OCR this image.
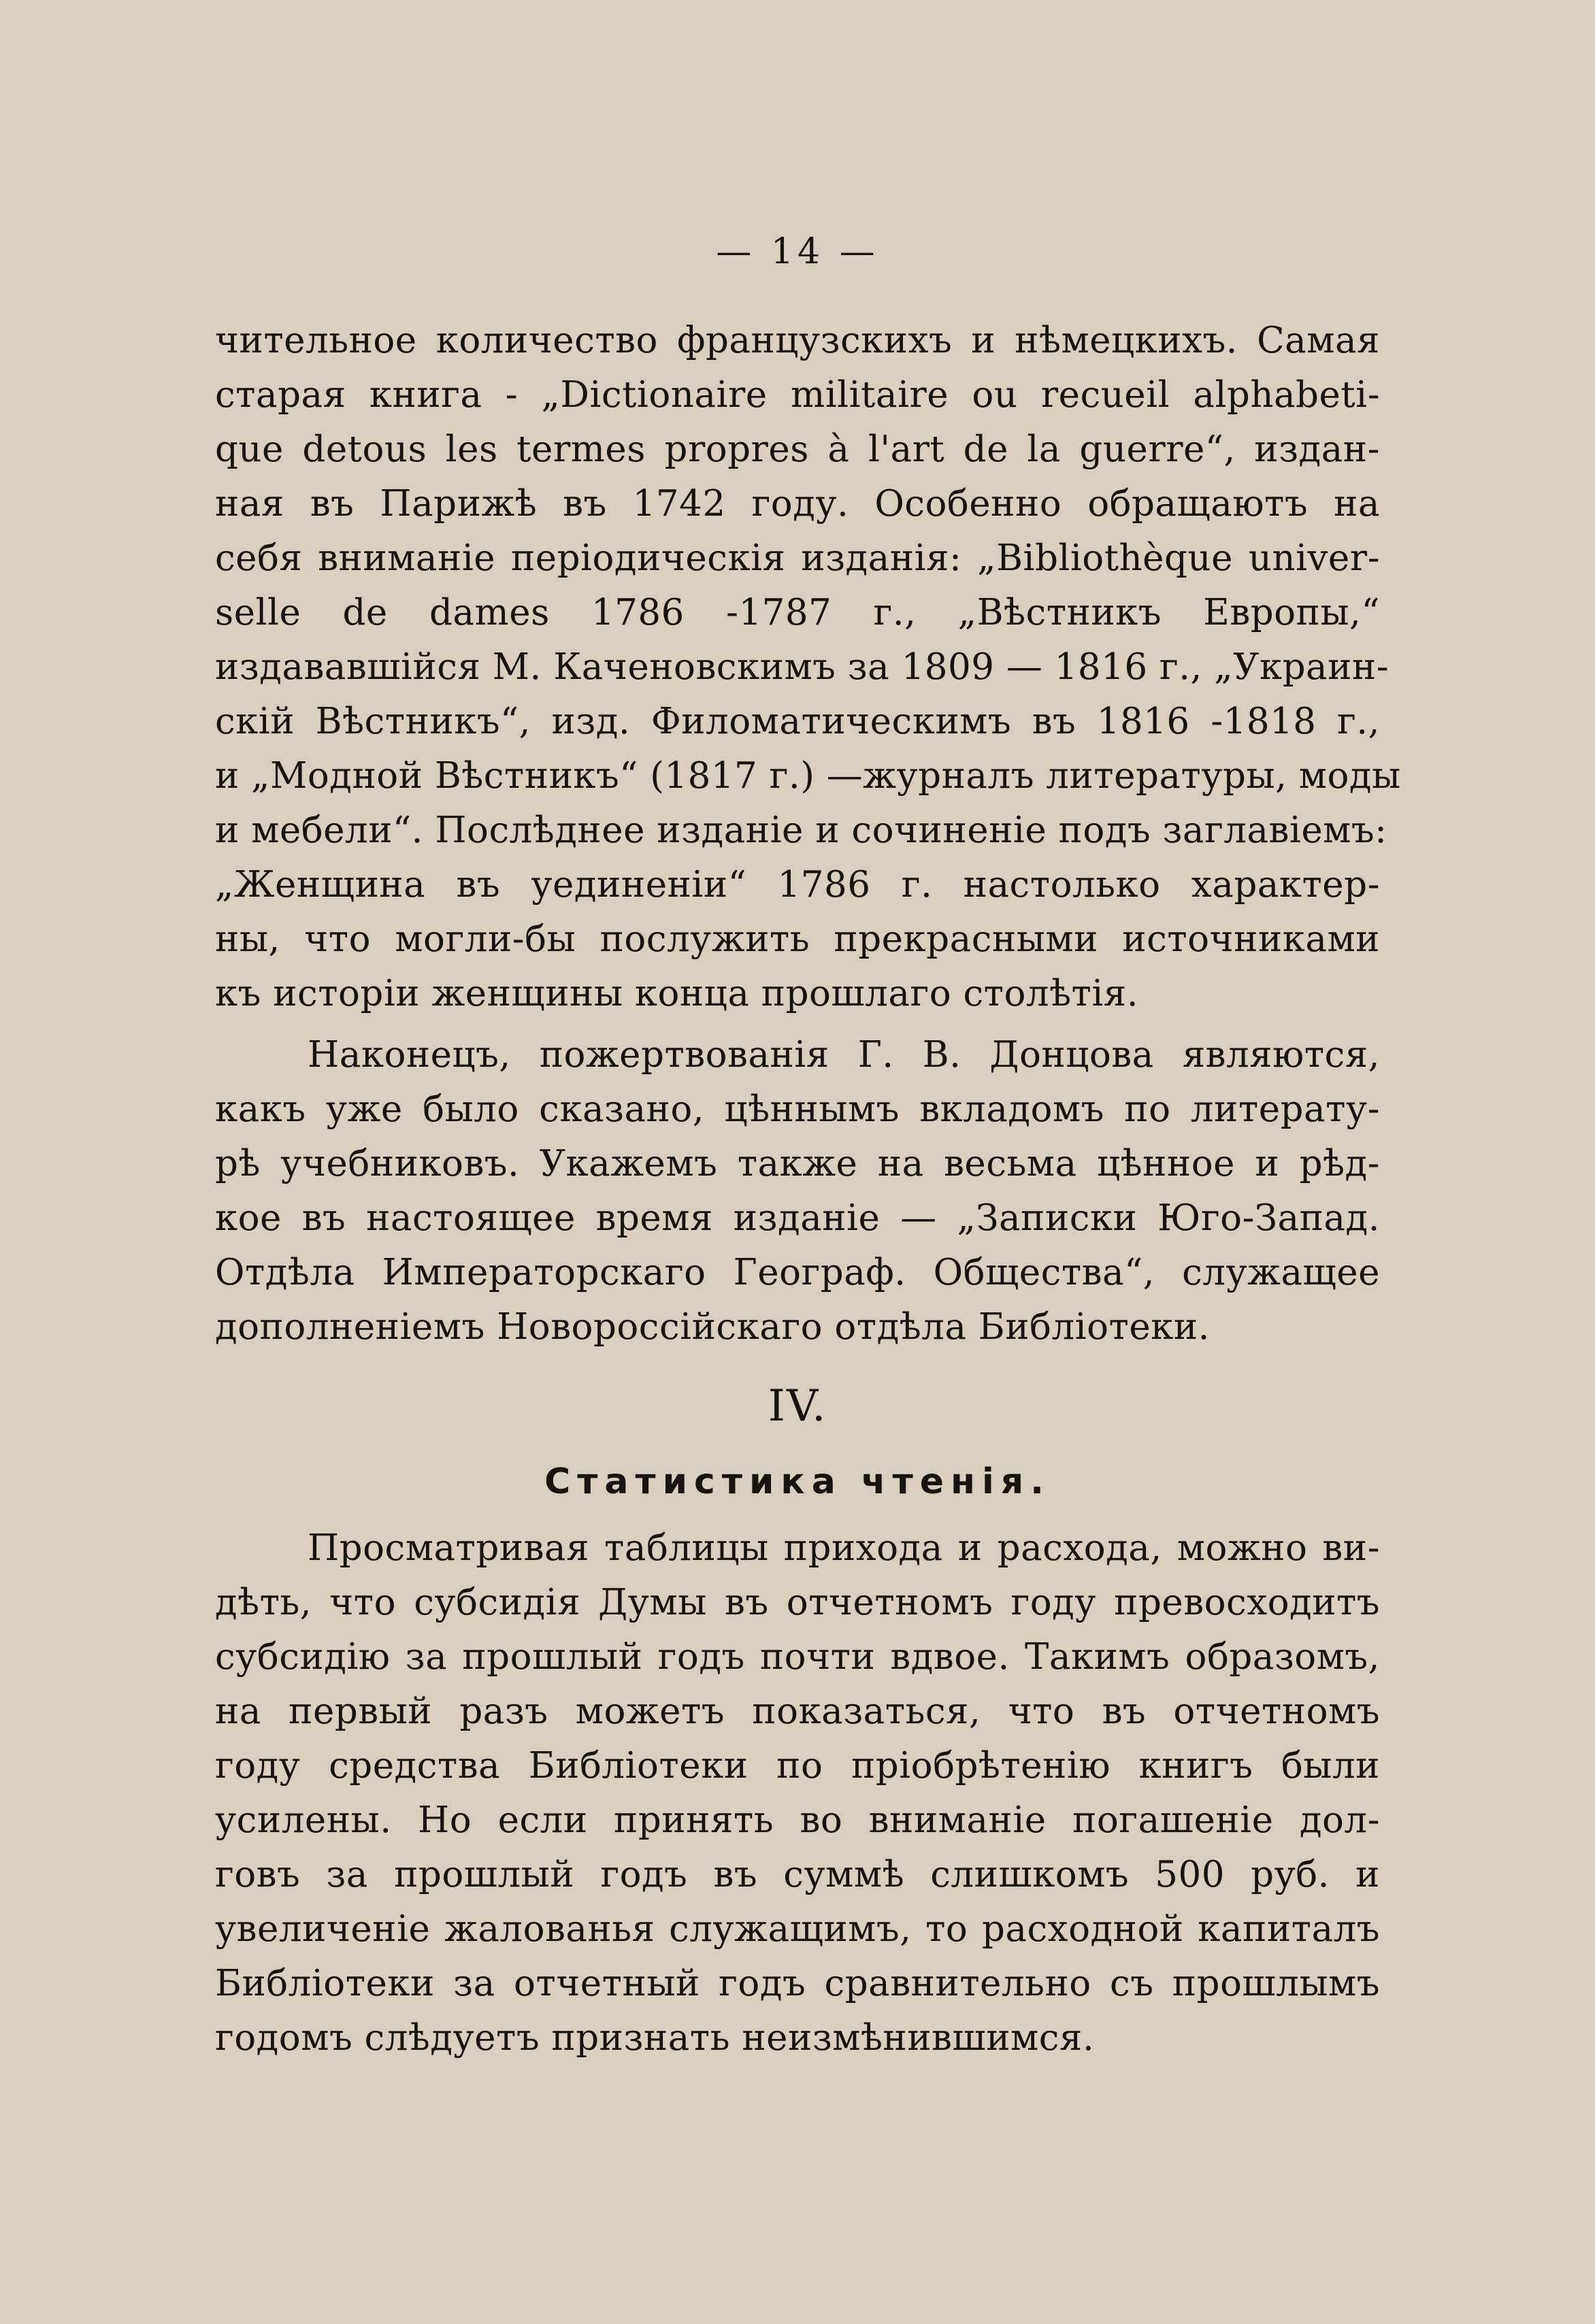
— 14 —
чительное количество французскихъ и нѣмецкихъ. Самая
старая книга - „Dictionaire militaire ou recueil alphabeti-
que detous les termes propres à l'art de la guerre“, издан-
ная въ Парижѣ въ 1742 году. Особенно обращаютъ на
себя вниманіе періодическія изданія: „Bibliothèque univer-
selle de dames 1786 -1787 г., „Вѣстникъ Европы,“
издававшійся М. Каченовскимъ за 1809 — 1816 г., „Украин-
скій Вѣстникъ“, изд. Филоматическимъ въ 1816 -1818 г.,
и „Модной Вѣстникъ“ (1817 г.) —журналъ литературы, моды
и мебели“. Послѣднее изданіе и сочиненіе подъ заглавіемъ:
„Женщина въ уединеніи“ 1786 г. настолько характер-
ны, что могли-бы послужить прекрасными источниками
къ исторіи женщины конца прошлаго столѣтія.
Наконецъ, пожертвованія Г. В. Донцова являются,
какъ уже было сказано, цѣннымъ вкладомъ по литерату-
рѣ учебниковъ. Укажемъ также на весьма цѣнное и рѣд-
кое въ настоящее время изданіе — „Записки Юго-Запад.
Отдѣла Императорскаго Географ. Общества“, служащее
дополненіемъ Новороссійскаго отдѣла Библіотеки.
IV.
Статистика чтенія.
Просматривая таблицы прихода и расхода, можно ви-
дѣть, что субсидія Думы въ отчетномъ году превосходитъ
субсидію за прошлый годъ почти вдвое. Такимъ образомъ,
на первый разъ можетъ показаться, что въ отчетномъ
году средства Библіотеки по пріобрѣтенію книгъ были
усилены. Но если принять во вниманіе погашеніе дол-
говъ за прошлый годъ въ суммѣ слишкомъ 500 руб. и
увеличеніе жалованья служащимъ, то расходной капиталъ
Библіотеки за отчетный годъ сравнительно съ прошлымъ
годомъ слѣдуетъ признать неизмѣнившимся.
